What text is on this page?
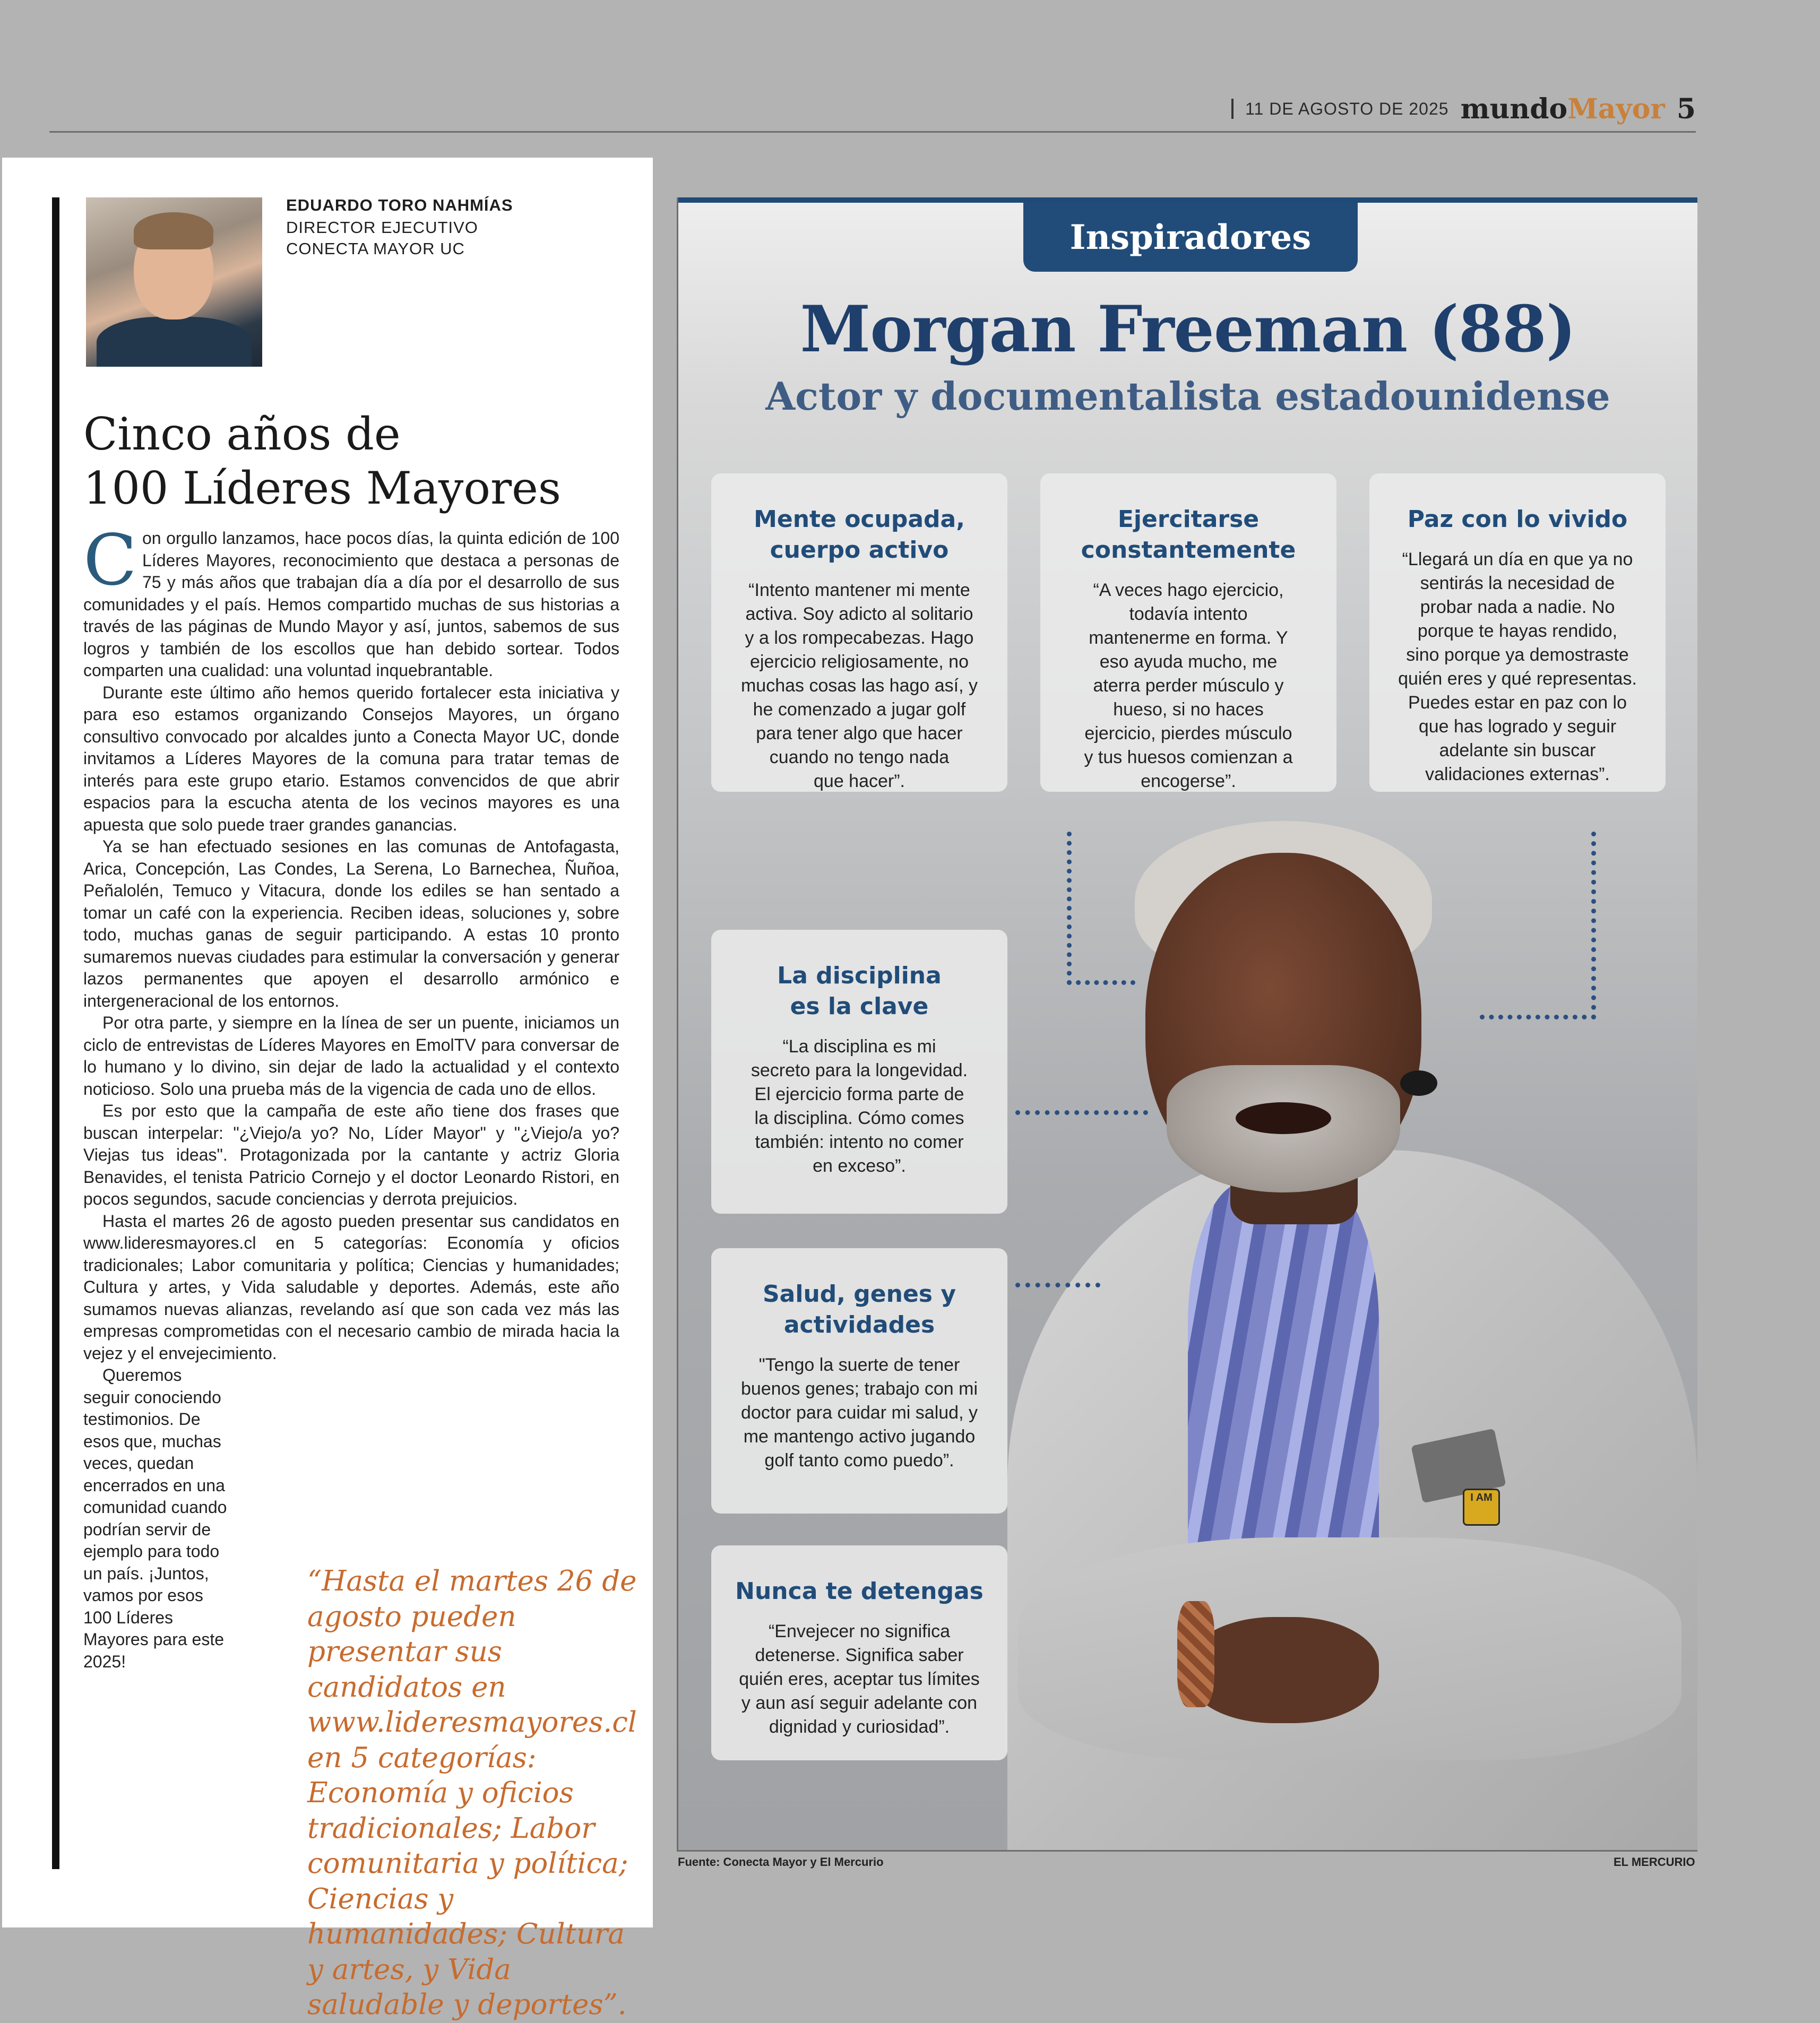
11 DE AGOSTO DE 2025 mundoMayor 5
EDUARDO TORO NAHMÍAS
DIRECTOR EJECUTIVO
CONECTA MAYOR UC
Cinco años de
100 Líderes Mayores

Con orgullo lanzamos, hace pocos días, la quinta edición de 100 Líderes Mayores, reconocimiento que destaca a personas de 75 y más años que trabajan día a día por el desarrollo de sus comunidades y el país. Hemos compartido muchas de sus historias a través de las páginas de Mundo Mayor y así, juntos, sabemos de sus logros y también de los escollos que han debido sortear. Todos comparten una cualidad: una voluntad inquebrantable.

Durante este último año hemos querido fortalecer esta iniciativa y para eso estamos organizando Consejos Mayores, un órgano consultivo convocado por alcaldes junto a Conecta Mayor UC, donde invitamos a Líderes Mayores de la comuna para tratar temas de interés para este grupo etario. Estamos convencidos de que abrir espacios para la escucha atenta de los vecinos mayores es una apuesta que solo puede traer grandes ganancias.

Ya se han efectuado sesiones en las comunas de Antofagasta, Arica, Concepción, Las Condes, La Serena, Lo Barnechea, Ñuñoa, Peñalolén, Temuco y Vitacura, donde los ediles se han sentado a tomar un café con la experiencia. Reciben ideas, soluciones y, sobre todo, muchas ganas de seguir participando. A estas 10 pronto sumaremos nuevas ciudades para estimular la conversación y generar lazos permanentes que apoyen el desarrollo armónico e intergeneracional de los entornos.

Por otra parte, y siempre en la línea de ser un puente, iniciamos un ciclo de entrevistas de Líderes Mayores en EmolTV para conversar de lo humano y lo divino, sin dejar de lado la actualidad y el contexto noticioso. Solo una prueba más de la vigencia de cada uno de ellos.

Es por esto que la campaña de este año tiene dos frases que buscan interpelar: "¿Viejo/a yo? No, Líder Mayor" y "¿Viejo/a yo? Viejas tus ideas". Protagonizada por la cantante y actriz Gloria Benavides, el tenista Patricio Cornejo y el doctor Leonardo Ristori, en pocos segundos, sacude conciencias y derrota prejuicios.

Hasta el martes 26 de agosto pueden presentar sus candidatos en www.lideresmayores.cl en 5 categorías: Economía y oficios tradicionales; Labor comunitaria y política; Ciencias y humanidades; Cultura y artes, y Vida saludable y deportes. Además, este año sumamos nuevas alianzas, revelando así que son cada vez más las empresas comprometidas con el necesario cambio de mirada hacia la vejez y el envejecimiento.

Queremos seguir conociendo testimonios. De esos que, muchas veces, quedan encerrados en una comunidad cuando podrían servir de ejemplo para todo un país. ¡Juntos, vamos por esos 100 Líderes Mayores para este 2025!

“Hasta el martes 26 de agosto pueden presentar sus candidatos en www.lideresmayores.cl en 5 categorías: Economía y oficios tradicionales; Labor comunitaria y política; Ciencias y humanidades; Cultura y artes, y Vida saludable y deportes”.

Inspiradores
Morgan Freeman (88)
Actor y documentalista estadounidense
I AM
Mente ocupada,
cuerpo activo

“Intento mantener mi mente
activa. Soy adicto al solitario
y a los rompecabezas. Hago
ejercicio religiosamente, no
muchas cosas las hago así, y
he comenzado a jugar golf
para tener algo que hacer
cuando no tengo nada
que hacer”.

Ejercitarse
constantemente

“A veces hago ejercicio,
todavía intento
mantenerme en forma. Y
eso ayuda mucho, me
aterra perder músculo y
hueso, si no haces
ejercicio, pierdes músculo
y tus huesos comienzan a
encogerse”.

Paz con lo vivido

“Llegará un día en que ya no
sentirás la necesidad de
probar nada a nadie. No
porque te hayas rendido,
sino porque ya demostraste
quién eres y qué representas.
Puedes estar en paz con lo
que has logrado y seguir
adelante sin buscar
validaciones externas”.

La disciplina
es la clave

“La disciplina es mi
secreto para la longevidad.
El ejercicio forma parte de
la disciplina. Cómo comes
también: intento no comer
en exceso”.

Salud, genes y
actividades

"Tengo la suerte de tener
buenos genes; trabajo con mi
doctor para cuidar mi salud, y
me mantengo activo jugando
golf tanto como puedo”.

Nunca te detengas

“Envejecer no significa
detenerse. Significa saber
quién eres, aceptar tus límites
y aun así seguir adelante con
dignidad y curiosidad”.

Fuente: Conecta Mayor y El Mercurio	EL MERCURIO
